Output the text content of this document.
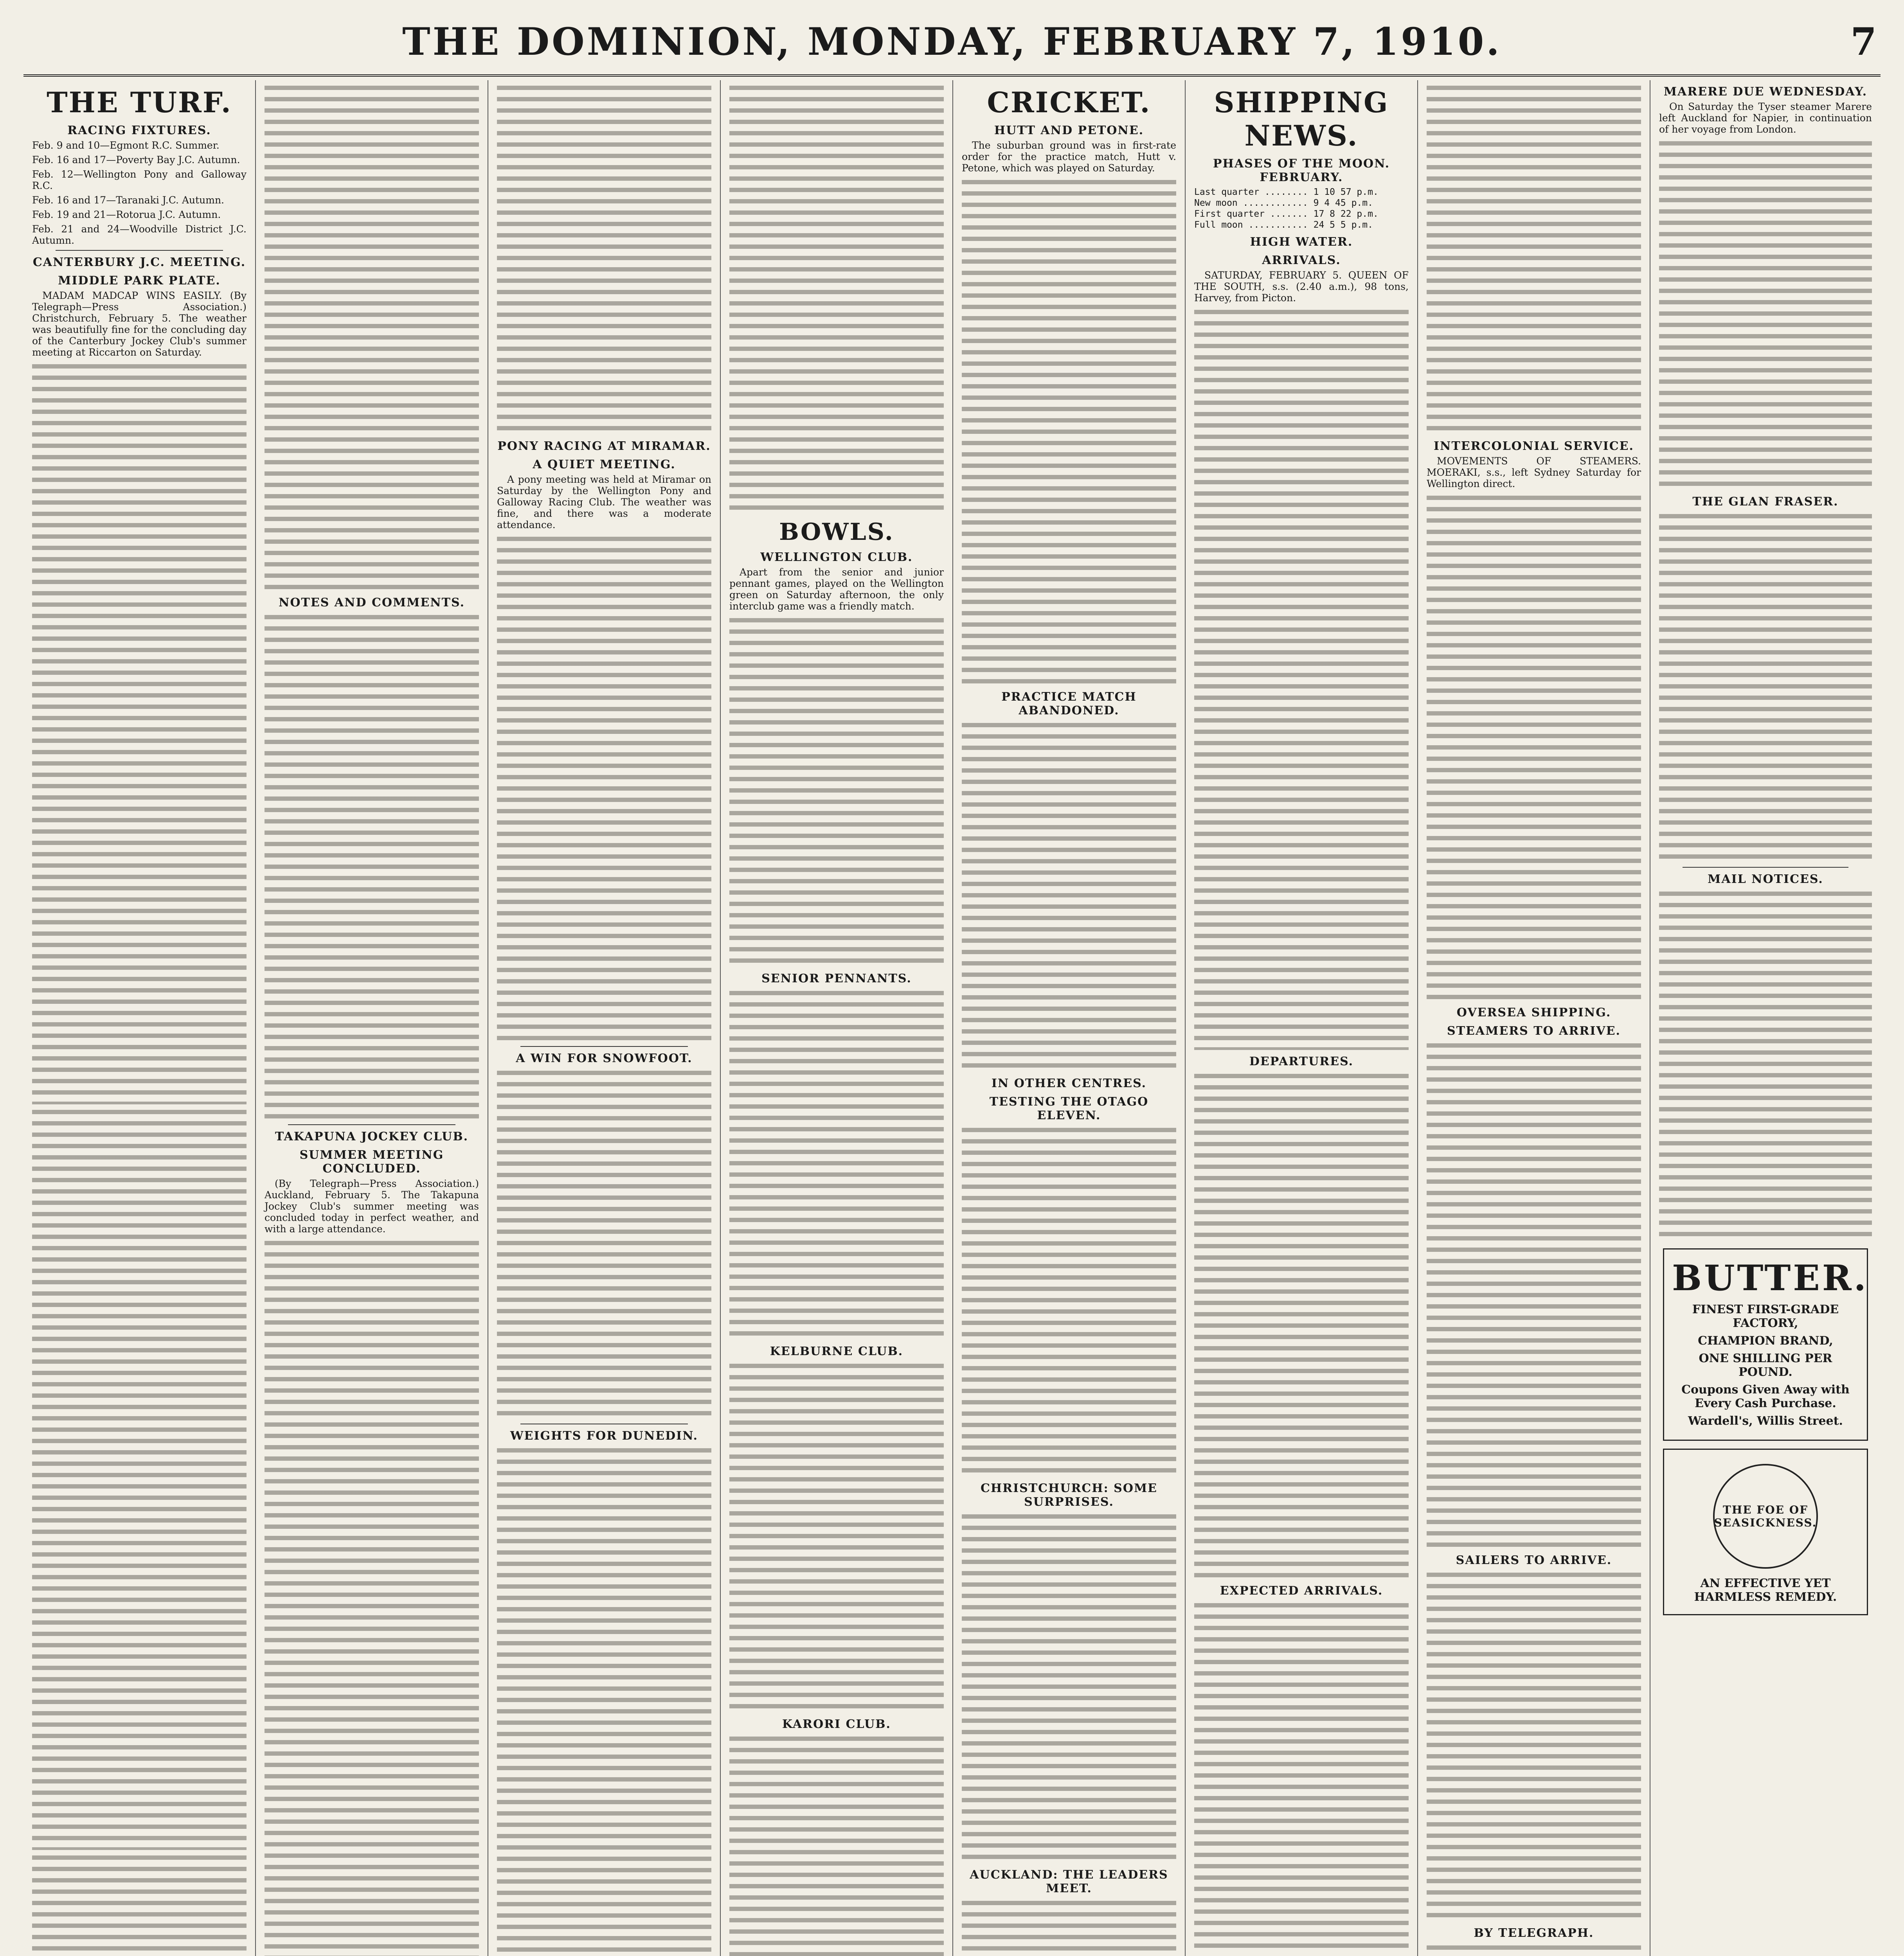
THE DOMINION, MONDAY, FEBRUARY 7, 1910.	7
THE TURF.
RACING FIXTURES.
Feb. 9 and 10—Egmont R.C. Summer.
Feb. 16 and 17—Poverty Bay J.C. Autumn.
Feb. 12—Wellington Pony and Galloway R.C.
Feb. 16 and 17—Taranaki J.C. Autumn.
Feb. 19 and 21—Rotorua J.C. Autumn.
Feb. 21 and 24—Woodville District J.C. Autumn.
CANTERBURY J.C. MEETING.
MIDDLE PARK PLATE.
MADAM MADCAP WINS EASILY. (By Telegraph—Press Association.) Christchurch, February 5. The weather was beautifully fine for the concluding day of the Canterbury Jockey Club's summer meeting at Riccarton on Saturday.
NOTES AND COMMENTS.
TAKAPUNA JOCKEY CLUB.
SUMMER MEETING CONCLUDED.
(By Telegraph—Press Association.) Auckland, February 5. The Takapuna Jockey Club's summer meeting was concluded today in perfect weather, and with a large attendance.
PONY RACING AT MIRAMAR.
A QUIET MEETING.
A pony meeting was held at Miramar on Saturday by the Wellington Pony and Galloway Racing Club. The weather was fine, and there was a moderate attendance.
A WIN FOR SNOWFOOT.
WEIGHTS FOR DUNEDIN.
BOWLS.
WELLINGTON CLUB.
Apart from the senior and junior pennant games, played on the Wellington green on Saturday afternoon, the only interclub game was a friendly match.
SENIOR PENNANTS.
KELBURNE CLUB.
KARORI CLUB.
CRICKET.
HUTT AND PETONE.
The suburban ground was in first-rate order for the practice match, Hutt v. Petone, which was played on Saturday.
PRACTICE MATCH ABANDONED.
IN OTHER CENTRES.
TESTING THE OTAGO ELEVEN.
CHRISTCHURCH: SOME SURPRISES.
AUCKLAND: THE LEADERS MEET.
SHIPPING NEWS.
PHASES OF THE MOON. FEBRUARY.
Last quarter ........ 1 10 57 p.m.
New moon ............ 9 4 45 p.m.
First quarter ....... 17 8 22 p.m.
Full moon ........... 24 5 5 p.m.
HIGH WATER.
ARRIVALS.
SATURDAY, FEBRUARY 5. QUEEN OF THE SOUTH, s.s. (2.40 a.m.), 98 tons, Harvey, from Picton.
DEPARTURES.
EXPECTED ARRIVALS.
INTERCOLONIAL SERVICE.
MOVEMENTS OF STEAMERS. MOERAKI, s.s., left Sydney Saturday for Wellington direct.
OVERSEA SHIPPING.
STEAMERS TO ARRIVE.
SAILERS TO ARRIVE.
BY TELEGRAPH.
MARERE DUE WEDNESDAY.
On Saturday the Tyser steamer Marere left Auckland for Napier, in continuation of her voyage from London.
THE GLAN FRASER.
MAIL NOTICES.
BUTTER.
FINEST FIRST-GRADE FACTORY,
CHAMPION BRAND,
ONE SHILLING PER POUND.
Coupons Given Away with Every Cash Purchase.
Wardell's, Willis Street.
THE FOE OF SEASICKNESS.
AN EFFECTIVE YET HARMLESS REMEDY.
